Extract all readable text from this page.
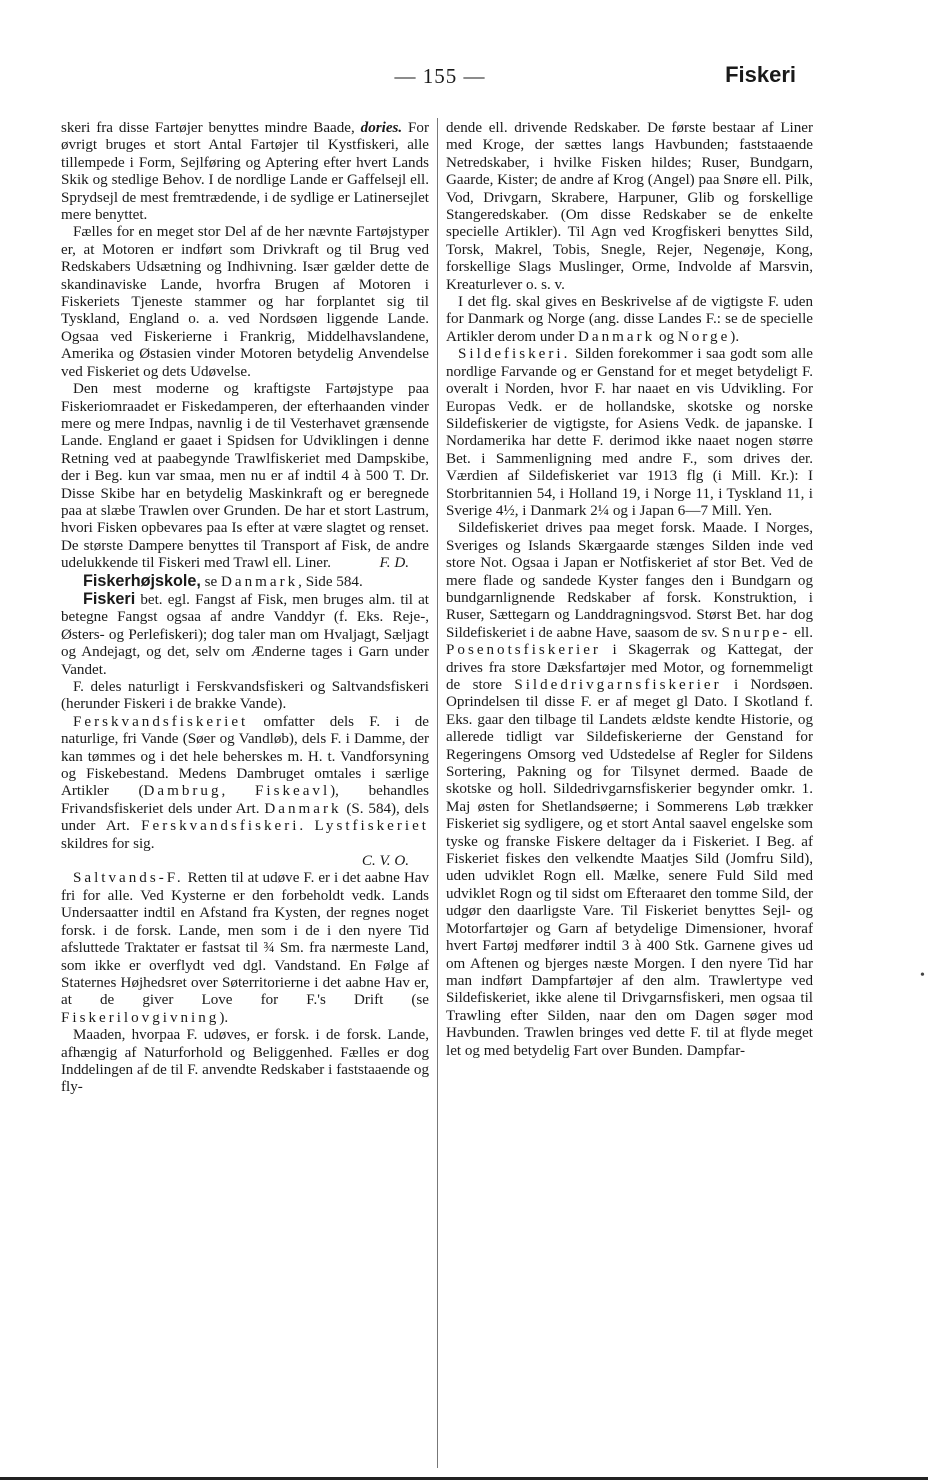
— 155 —	Fiskeri

skeri fra disse Fartøjer benyttes mindre Baade, dories. For øvrigt bruges et stort Antal Fartøjer til Kystfiskeri, alle tillempede i Form, Sejlføring og Aptering efter hvert Lands Skik og stedlige Behov. I de nordlige Lande er Gaffelsejl ell. Sprydsejl de mest fremtrædende, i de sydlige er Latinersejlet mere benyttet.

Fælles for en meget stor Del af de her nævnte Fartøjstyper er, at Motoren er indført som Drivkraft og til Brug ved Redskabers Udsætning og Indhivning. Især gælder dette de skandinaviske Lande, hvorfra Brugen af Motoren i Fiskeriets Tjeneste stammer og har forplantet sig til Tyskland, England o. a. ved Nordsøen liggende Lande. Ogsaa ved Fiskerierne i Frankrig, Middelhavslandene, Amerika og Østasien vinder Motoren betydelig Anvendelse ved Fiskeriet og dets Udøvelse.

Den mest moderne og kraftigste Fartøjstype paa Fiskeriomraadet er Fiskedamperen, der efterhaanden vinder mere og mere Indpas, navnlig i de til Vesterhavet grænsende Lande. England er gaaet i Spidsen for Udviklingen i denne Retning ved at paabegynde Trawlfiskeriet med Dampskibe, der i Beg. kun var smaa, men nu er af indtil 4 à 500 T. Dr. Disse Skibe har en betydelig Maskinkraft og er beregnede paa at slæbe Trawlen over Grunden. De har et stort Lastrum, hvori Fisken opbevares paa Is efter at være slagtet og renset. De største Dampere benyttes til Transport af Fisk, de andre udelukkende til Fiskeri med Trawl ell. Liner.	F. D.

Fiskerhøjskole, se Danmark, Side 584.

Fiskeri bet. egl. Fangst af Fisk, men bruges alm. til at betegne Fangst ogsaa af andre Vanddyr (f. Eks. Reje-, Østers- og Perlefiskeri); dog taler man om Hvaljagt, Sæljagt og Andejagt, og det, selv om Ænderne tages i Garn under Vandet.

F. deles naturligt i Ferskvandsfiskeri og Saltvandsfiskeri (herunder Fiskeri i de brakke Vande).

Ferskvandsfiskeriet omfatter dels F. i de naturlige, fri Vande (Søer og Vandløb), dels F. i Damme, der kan tømmes og i det hele beherskes m. H. t. Vandforsyning og Fiskebestand. Medens Dambruget omtales i særlige Artikler (Dambrug, Fiskeavl), behandles Frivandsfiskeriet dels under Art. Danmark (S. 584), dels under Art. Ferskvandsfiskeri. Lystfiskeriet skildres for sig.
C. V. O.

Saltvands-F. Retten til at udøve F. er i det aabne Hav fri for alle. Ved Kysterne er den forbeholdt vedk. Lands Undersaatter indtil en Afstand fra Kysten, der regnes noget forsk. i de forsk. Lande, men som i de i den nyere Tid afsluttede Traktater er fastsat til ¾ Sm. fra nærmeste Land, som ikke er overflydt ved dgl. Vandstand. En Følge af Staternes Højhedsret over Søterritorierne i det aabne Hav er, at de giver Love for F.'s Drift (se Fiskerilovgivning).

Maaden, hvorpaa F. udøves, er forsk. i de forsk. Lande, afhængig af Naturforhold og Beliggenhed. Fælles er dog Inddelingen af de til F. anvendte Redskaber i faststaaende og fly-

dende ell. drivende Redskaber. De første bestaar af Liner med Kroge, der sættes langs Havbunden; faststaaende Netredskaber, i hvilke Fisken hildes; Ruser, Bundgarn, Gaarde, Kister; de andre af Krog (Angel) paa Snøre ell. Pilk, Vod, Drivgarn, Skrabere, Harpuner, Glib og forskellige Stangeredskaber. (Om disse Redskaber se de enkelte specielle Artikler). Til Agn ved Krogfiskeri benyttes Sild, Torsk, Makrel, Tobis, Snegle, Rejer, Negenøje, Kong, forskellige Slags Muslinger, Orme, Indvolde af Marsvin, Kreaturlever o. s. v.

I det flg. skal gives en Beskrivelse af de vigtigste F. uden for Danmark og Norge (ang. disse Landes F.: se de specielle Artikler derom under Danmark og Norge).

Sildefiskeri. Silden forekommer i saa godt som alle nordlige Farvande og er Genstand for et meget betydeligt F. overalt i Norden, hvor F. har naaet en vis Udvikling. For Europas Vedk. er de hollandske, skotske og norske Sildefiskerier de vigtigste, for Asiens Vedk. de japanske. I Nordamerika har dette F. derimod ikke naaet nogen større Bet. i Sammenligning med andre F., som drives der. Værdien af Sildefiskeriet var 1913 flg (i Mill. Kr.): I Storbritannien 54, i Holland 19, i Norge 11, i Tyskland 11, i Sverige 4½, i Danmark 2¼ og i Japan 6—7 Mill. Yen.

Sildefiskeriet drives paa meget forsk. Maade. I Norges, Sveriges og Islands Skærgaarde stænges Silden inde ved store Not. Ogsaa i Japan er Notfiskeriet af stor Bet. Ved de mere flade og sandede Kyster fanges den i Bundgarn og bundgarnlignende Redskaber af forsk. Konstruktion, i Ruser, Sættegarn og Landdragningsvod. Størst Bet. har dog Sildefiskeriet i de aabne Have, saasom de sv. Snurpe- ell. Posenotsfiskerier i Skagerrak og Kattegat, der drives fra store Dæksfartøjer med Motor, og fornemmeligt de store Sildedrivgarnsfiskerier i Nordsøen. Oprindelsen til disse F. er af meget gl Dato. I Skotland f. Eks. gaar den tilbage til Landets ældste kendte Historie, og allerede tidligt var Sildefiskerierne der Genstand for Regeringens Omsorg ved Udstedelse af Regler for Sildens Sortering, Pakning og for Tilsynet dermed. Baade de skotske og holl. Sildedrivgarnsfiskerier begynder omkr. 1. Maj østen for Shetlandsøerne; i Sommerens Løb trækker Fiskeriet sig sydligere, og et stort Antal saavel engelske som tyske og franske Fiskere deltager da i Fiskeriet. I Beg. af Fiskeriet fiskes den velkendte Maatjes Sild (Jomfru Sild), uden udviklet Rogn ell. Mælke, senere Fuld Sild med udviklet Rogn og til sidst om Efteraaret den tomme Sild, der udgør den daarligste Vare. Til Fiskeriet benyttes Sejl- og Motorfartøjer og Garn af betydelige Dimensioner, hvoraf hvert Fartøj medfører indtil 3 à 400 Stk. Garnene gives ud om Aftenen og bjerges næste Morgen. I den nyere Tid har man indført Dampfartøjer af den alm. Trawlertype ved Sildefiskeriet, ikke alene til Drivgarnsfiskeri, men ogsaa til Trawling efter Silden, naar den om Dagen søger mod Havbunden. Trawlen bringes ved dette F. til at flyde meget let og med betydelig Fart over Bunden. Dampfar-

•
